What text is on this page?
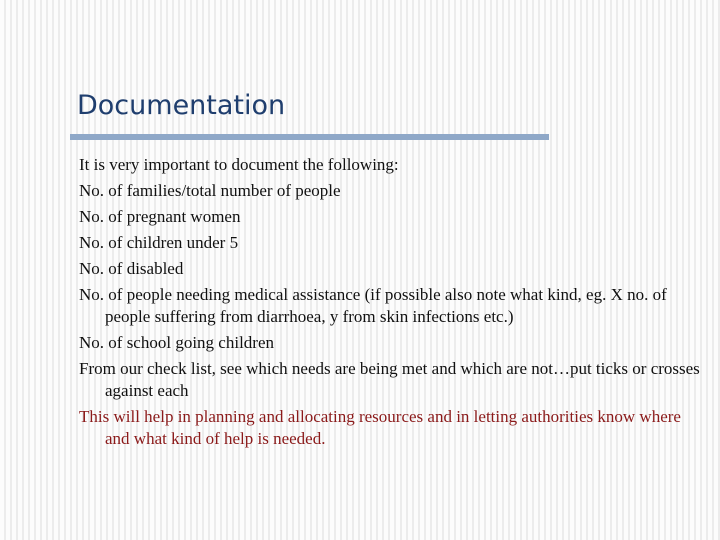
Documentation
It is very important to document the following:
No. of families/total number of people
No. of pregnant women
No. of children under 5
No. of disabled
No. of people needing medical assistance (if possible also note what kind, eg. X no. of people suffering from diarrhoea, y from skin infections etc.)
No. of school going children
From our check list, see which needs are being met and which are not…put ticks or crosses against each
This will help in planning and allocating resources and in letting authorities know where and what kind of help is needed.
